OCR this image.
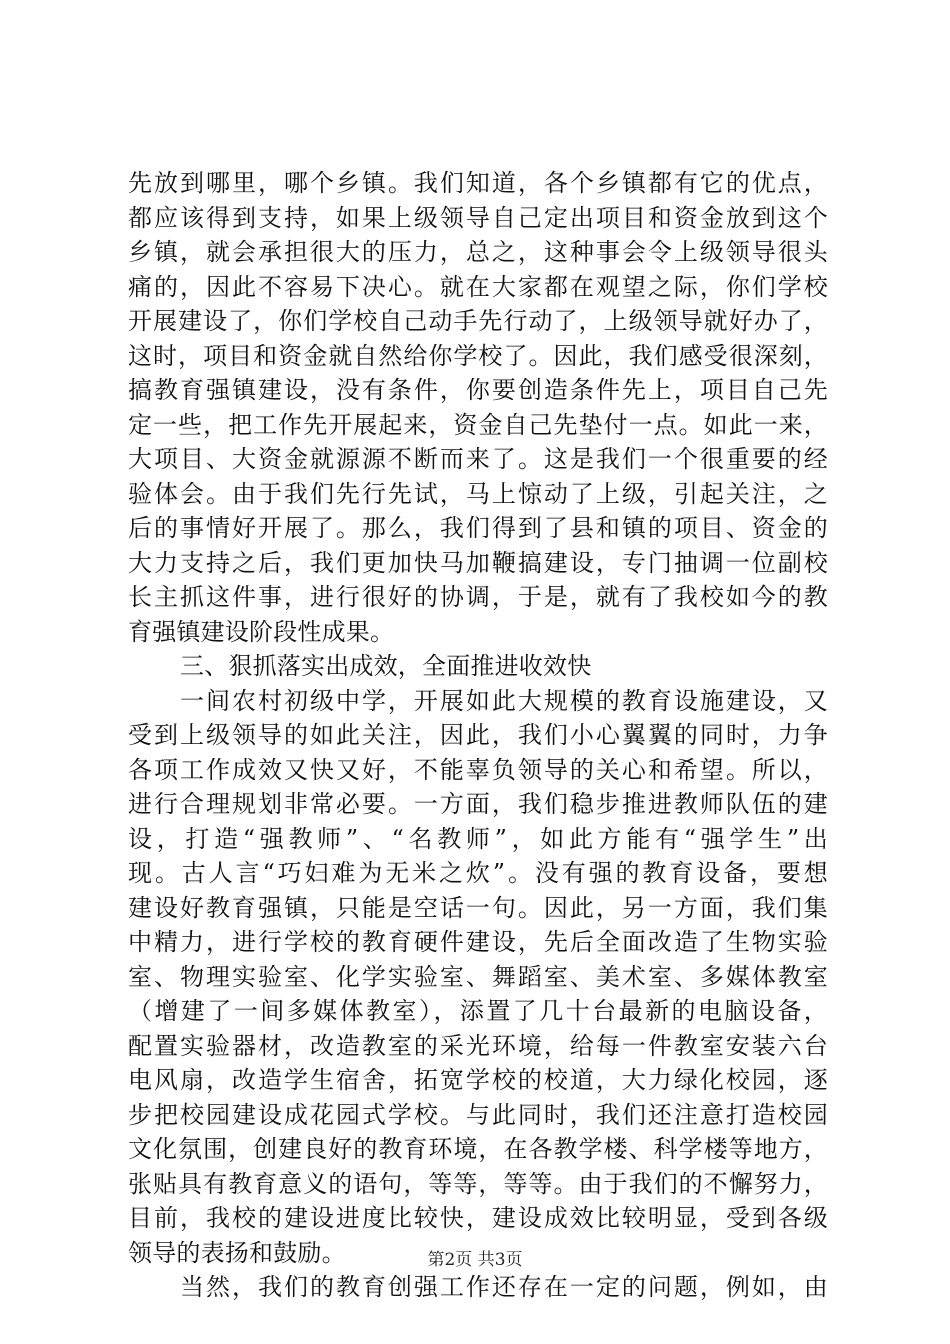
先放到哪里，哪个乡镇。我们知道，各个乡镇都有它的优点，
都应该得到支持，如果上级领导自己定出项目和资金放到这个
乡镇，就会承担很大的压力，总之，这种事会令上级领导很头
痛的，因此不容易下决心。就在大家都在观望之际，你们学校
开展建设了，你们学校自己动手先行动了，上级领导就好办了，
这时，项目和资金就自然给你学校了。因此，我们感受很深刻，
搞教育强镇建设，没有条件，你要创造条件先上，项目自己先
定一些，把工作先开展起来，资金自己先垫付一点。如此一来，
大项目、大资金就源源不断而来了。这是我们一个很重要的经
验体会。由于我们先行先试，马上惊动了上级，引起关注，之
后的事情好开展了。那么，我们得到了县和镇的项目、资金的
大力支持之后，我们更加快马加鞭搞建设，专门抽调一位副校
长主抓这件事，进行很好的协调，于是，就有了我校如今的教
育强镇建设阶段性成果。
三、狠抓落实出成效，全面推进收效快
一间农村初级中学，开展如此大规模的教育设施建设，又
受到上级领导的如此关注，因此，我们小心翼翼的同时，力争
各项工作成效又快又好，不能辜负领导的关心和希望。所以，
进行合理规划非常必要。一方面，我们稳步推进教师队伍的建
设，打造“强教师”、“名教师”，如此方能有“强学生”出
现。古人言“巧妇难为无米之炊”。没有强的教育设备，要想
建设好教育强镇，只能是空话一句。因此，另一方面，我们集
中精力，进行学校的教育硬件建设，先后全面改造了生物实验
室、物理实验室、化学实验室、舞蹈室、美术室、多媒体教室
（增建了一间多媒体教室），添置了几十台最新的电脑设备，
配置实验器材，改造教室的采光环境，给每一件教室安装六台
电风扇，改造学生宿舍，拓宽学校的校道，大力绿化校园，逐
步把校园建设成花园式学校。与此同时，我们还注意打造校园
文化氛围，创建良好的教育环境，在各教学楼、科学楼等地方，
张贴具有教育意义的语句，等等，等等。由于我们的不懈努力，
目前，我校的建设进度比较快，建设成效比较明显，受到各级
领导的表扬和鼓励。
当然，我们的教育创强工作还存在一定的问题，例如，由
第2页 共3页
